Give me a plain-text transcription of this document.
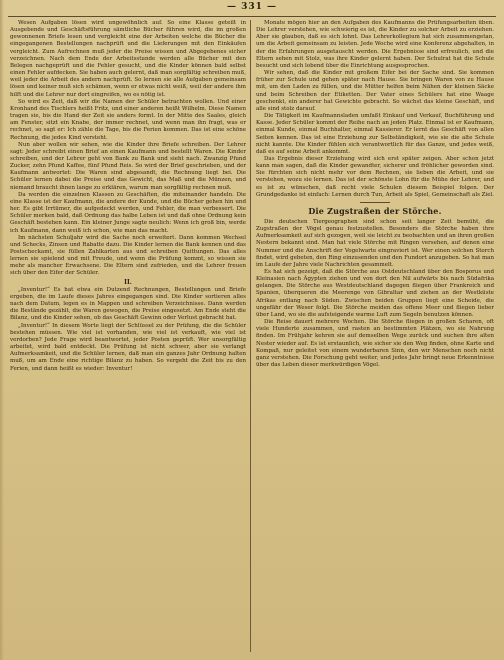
— 331 —

Wesen Aufgaben lösen wird ungewöhnlich auf. So eine Klasse geteilt in Ausgebende und Geschäftsführung sämtliche Bücher führen wird, die im großen gewonnenen Briefe lesen und vergleicht eine der Arbeiten welche die Bücher die eingegangenen Bestellungen nachprüft und die Lieferungen mit den Einkäufen vergleicht. Zum Aufrechnen muß jeder die Preise wissen und Abgegebenes sicher verzeichnen. Nach dem Ende der Arbeitsstunde werden alle Bücher mit den Belegen nachgeprüft und die Fehler gesucht, und die Kinder können bald selbst einen Fehler aufdecken. Sie haben auch gelernt, daß man sorgfältig schreiben muß, weil jeder die Arbeit des andern nachprüft. So lernen sie alle Aufgaben gemeinsam lösen und keiner muß sich schämen, wenn er etwas nicht weiß, weil der andere ihm hilft und die Lehrer nur dort eingreifen, wo es nötig ist.

So wird es Zeit, daß wir die Namen der Schüler betrachten wollen. Und einer Kronhand des Tischlers heißt Fritz, und einer anderen heißt Wilhelm. Diese Namen tragen sie, bis die Hand der Zeit sie anders formt. In der Mitte des Saales, gleich am Fenster, sitzt ein Knabe, der immer rechnet, und wenn man ihn fragt, was er rechnet, so sagt er: Ich zähle die Tage, bis die Ferien kommen. Das ist eine schöne Rechnung, die jedes Kind versteht.

Nun aber wollen wir sehen, wie die Kinder ihre Briefe schreiben. Der Lehrer sagt: Jeder schreibt einen Brief an einen Kaufmann und bestellt Waren. Die Kinder schreiben, und der Lehrer geht von Bank zu Bank und sieht nach. Zwanzig Pfund Zucker, zehn Pfund Kaffee, fünf Pfund Reis. So wird der Brief geschrieben, und der Kaufmann antwortet: Die Waren sind abgesandt, die Rechnung liegt bei. Die Schüler lernen dabei die Preise und das Gewicht, das Maß und die Münzen, und niemand braucht ihnen lange zu erklären, warum man sorgfältig rechnen muß.

Da werden die einzelnen Klassen zu Geschäften, die miteinander handeln. Die eine Klasse ist der Kaufmann, die andere der Kunde, und die Bücher gehen hin und her. Es gibt Irrtümer, die aufgedeckt werden, und Fehler, die man verbessert. Die Schüler merken bald, daß Ordnung das halbe Leben ist und daß ohne Ordnung kein Geschäft bestehen kann. Ein kleiner Junge sagte neulich: Wenn ich groß bin, werde ich Kaufmann, dann weiß ich schon, wie man das macht.

Im nächsten Schuljahr wird die Sache noch erweitert. Dann kommen Wechsel und Schecks, Zinsen und Rabatte dazu. Die Kinder lernen die Bank kennen und das Postscheckamt, sie füllen Zahlkarten aus und schreiben Quittungen. Das alles lernen sie spielend und mit Freude, und wenn die Prüfung kommt, so wissen sie mehr als mancher Erwachsene. Die Eltern sind zufrieden, und die Lehrer freuen sich über den Eifer der Schüler.

II.

„Inventur!“ Es hat etwa ein Dutzend Rechnungen, Bestellungen und Briefe ergeben, die im Laufe dieses Jahres eingegangen sind. Die Kinder sortieren alles nach dem Datum, legen es in Mappen und schreiben Verzeichnisse. Dann werden die Bestände gezählt, die Waren gewogen, die Preise eingesetzt. Am Ende steht die Bilanz, und die Kinder sehen, ob das Geschäft Gewinn oder Verlust gebracht hat.

„Inventur!“ In diesem Worte liegt der Schlüssel zu der Prüfung, die die Schüler bestehen müssen. Wie viel ist vorhanden, wie viel ist verkauft, wie viel ist verdorben? Jede Frage wird beantwortet, jeder Posten geprüft. Wer unsorgfältig arbeitet, wird bald entdeckt. Die Prüfung ist nicht schwer, aber sie verlangt Aufmerksamkeit, und die Schüler lernen, daß man ein ganzes Jahr Ordnung halten muß, um am Ende eine richtige Bilanz zu haben. So vergeht die Zeit bis zu den Ferien, und dann heißt es wieder: Inventur!

Monate mögen hier an den Aufgaben des Kaufmanns die Prüfungsarbeiten üben. Die Lehrer verstehen, wie schwierig es ist, die Kinder zu solcher Arbeit zu erziehen. Aber sie glauben, daß es sich lohnt. Das Lehrerkollegium hat sich zusammengetan, um die Arbeit gemeinsam zu leisten. Jede Woche wird eine Konferenz abgehalten, in der die Erfahrungen ausgetauscht werden. Die Ergebnisse sind erfreulich, und die Eltern sehen mit Stolz, was ihre Kinder gelernt haben. Der Schulrat hat die Schule besucht und sich lobend über die Einrichtung ausgesprochen.

Wir sehen, daß die Kinder mit großem Eifer bei der Sache sind. Sie kommen früher zur Schule und gehen später nach Hause. Sie bringen Waren von zu Hause mit, um den Laden zu füllen, und die Mütter helfen beim Nähen der kleinen Säcke und beim Schreiben der Etiketten. Der Vater eines Schülers hat eine Waage geschenkt, ein anderer hat Gewichte gebracht. So wächst das kleine Geschäft, und alle sind stolz darauf.

Die Tätigkeit im Kaufmannsladen umfaßt Einkauf und Verkauf, Buchführung und Kasse. Jeder Schüler kommt der Reihe nach an jeden Platz. Einmal ist er Kaufmann, einmal Kunde, einmal Buchhalter, einmal Kassierer. Er lernt das Geschäft von allen Seiten kennen. Das ist eine Erziehung zur Selbständigkeit, wie sie die alte Schule nicht kannte. Die Kinder fühlen sich verantwortlich für das Ganze, und jedes weiß, daß es auf seine Arbeit ankommt.

Das Ergebnis dieser Erziehung wird sich erst später zeigen. Aber schon jetzt kann man sagen, daß die Kinder gewandter, sicherer und fröhlicher geworden sind. Sie fürchten sich nicht mehr vor dem Rechnen, sie lieben die Arbeit, und sie verstehen, wozu sie lernen. Das ist der schönste Lohn für die Mühe der Lehrer, und es ist zu wünschen, daß recht viele Schulen diesem Beispiel folgen. Der Grundgedanke ist einfach: Lernen durch Tun, Arbeit als Spiel, Gemeinschaft als Ziel.

Die Zugstraßen der Störche.

Die deutschen Tiergeographen sind schon seit langer Zeit bemüht, die Zugstraßen der Vögel genau festzustellen. Besonders die Störche haben ihre Aufmerksamkeit auf sich gezogen, weil sie leicht zu beobachten und an ihren großen Nestern bekannt sind. Man hat viele Störche mit Ringen versehen, auf denen eine Nummer und die Anschrift der Vogelwarte eingraviert ist. Wer einen solchen Storch findet, wird gebeten, den Ring einzusenden und den Fundort anzugeben. So hat man im Laufe der Jahre viele Nachrichten gesammelt.

Es hat sich gezeigt, daß die Störche aus Ostdeutschland über den Bosporus und Kleinasien nach Ägypten ziehen und von dort den Nil aufwärts bis nach Südafrika gelangen. Die Störche aus Westdeutschland dagegen fliegen über Frankreich und Spanien, überqueren die Meerenge von Gibraltar und ziehen an der Westküste Afrikas entlang nach Süden. Zwischen beiden Gruppen liegt eine Scheide, die ungefähr der Weser folgt. Die Störche meiden das offene Meer und fliegen lieber über Land, wo sie die aufsteigende warme Luft zum Segeln benutzen können.

Die Reise dauert mehrere Wochen. Die Störche fliegen in großen Scharen, oft viele Hunderte zusammen, und rasten an bestimmten Plätzen, wo sie Nahrung finden. Im Frühjahr kehren sie auf demselben Wege zurück und suchen ihre alten Nester wieder auf. Es ist erstaunlich, wie sicher sie den Weg finden, ohne Karte und Kompaß, nur geleitet von einem wunderbaren Sinn, den wir Menschen noch nicht ganz verstehen. Die Forschung geht weiter, und jedes Jahr bringt neue Erkenntnisse über das Leben dieser merkwürdigen Vögel.
